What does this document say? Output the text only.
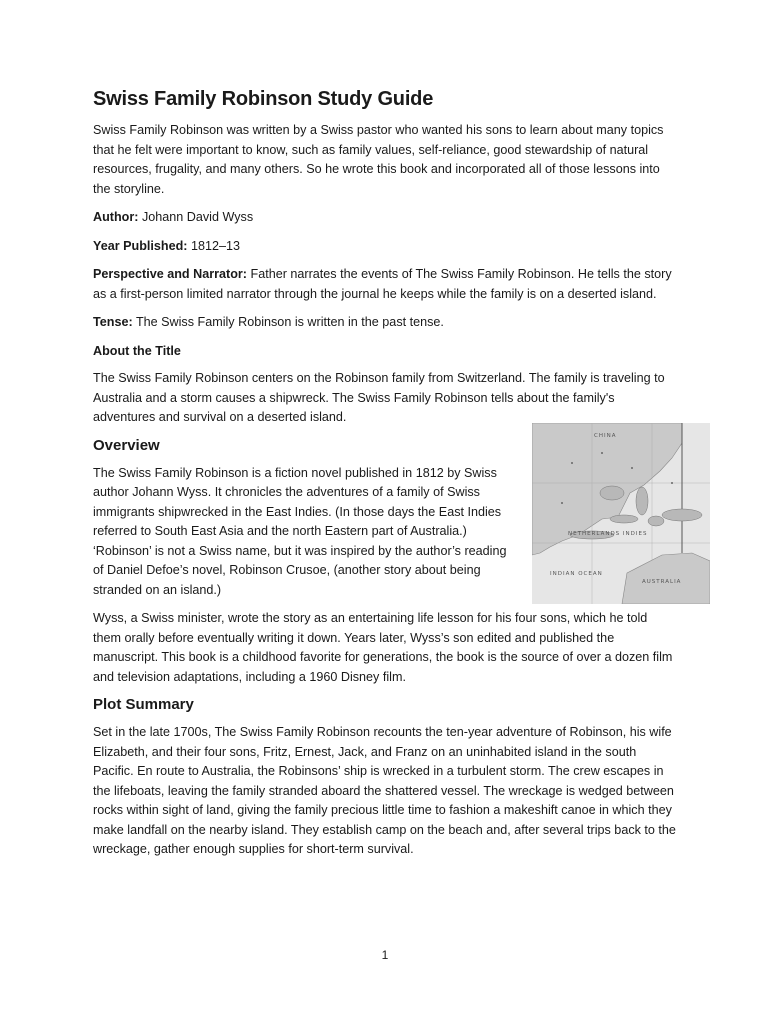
Swiss Family Robinson Study Guide

Swiss Family Robinson was written by a Swiss pastor who wanted his sons to learn about many topics that he felt were important to know, such as family values, self-reliance, good stewardship of natural resources, frugality, and many others. So he wrote this book and incorporated all of those lessons into the storyline.

Author: Johann David Wyss

Year Published: 1812–13

Perspective and Narrator: Father narrates the events of The Swiss Family Robinson. He tells the story as a first-person limited narrator through the journal he keeps while the family is on a deserted island.

Tense: The Swiss Family Robinson is written in the past tense.

About the Title

The Swiss Family Robinson centers on the Robinson family from Switzerland. The family is traveling to Australia and a storm causes a shipwreck. The Swiss Family Robinson tells about the family's adventures and survival on a deserted island.

CHINA
NETHERLANDS INDIES
INDIAN OCEAN
AUSTRALIA
Overview

The Swiss Family Robinson is a fiction novel published in 1812 by Swiss author Johann Wyss. It chronicles the adventures of a family of Swiss immigrants shipwrecked in the East Indies. (In those days the East Indies referred to South East Asia and the north Eastern part of Australia.) ‘Robinson’ is not a Swiss name, but it was inspired by the author’s reading of Daniel Defoe’s novel, Robinson Crusoe, (another story about being stranded on an island.)

Wyss, a Swiss minister, wrote the story as an entertaining life lesson for his four sons, which he told them orally before eventually writing it down. Years later, Wyss’s son edited and published the manuscript. This book is a childhood favorite for generations, the book is the source of over a dozen film and television adaptations, including a 1960 Disney film.

Plot Summary

Set in the late 1700s, The Swiss Family Robinson recounts the ten-year adventure of Robinson, his wife Elizabeth, and their four sons, Fritz, Ernest, Jack, and Franz on an uninhabited island in the south Pacific. En route to Australia, the Robinsons’ ship is wrecked in a turbulent storm. The crew escapes in the lifeboats, leaving the family stranded aboard the shattered vessel. The wreckage is wedged between rocks within sight of land, giving the family precious little time to fashion a makeshift canoe in which they make landfall on the nearby island. They establish camp on the beach and, after several trips back to the wreckage, gather enough supplies for short-term survival.

1
